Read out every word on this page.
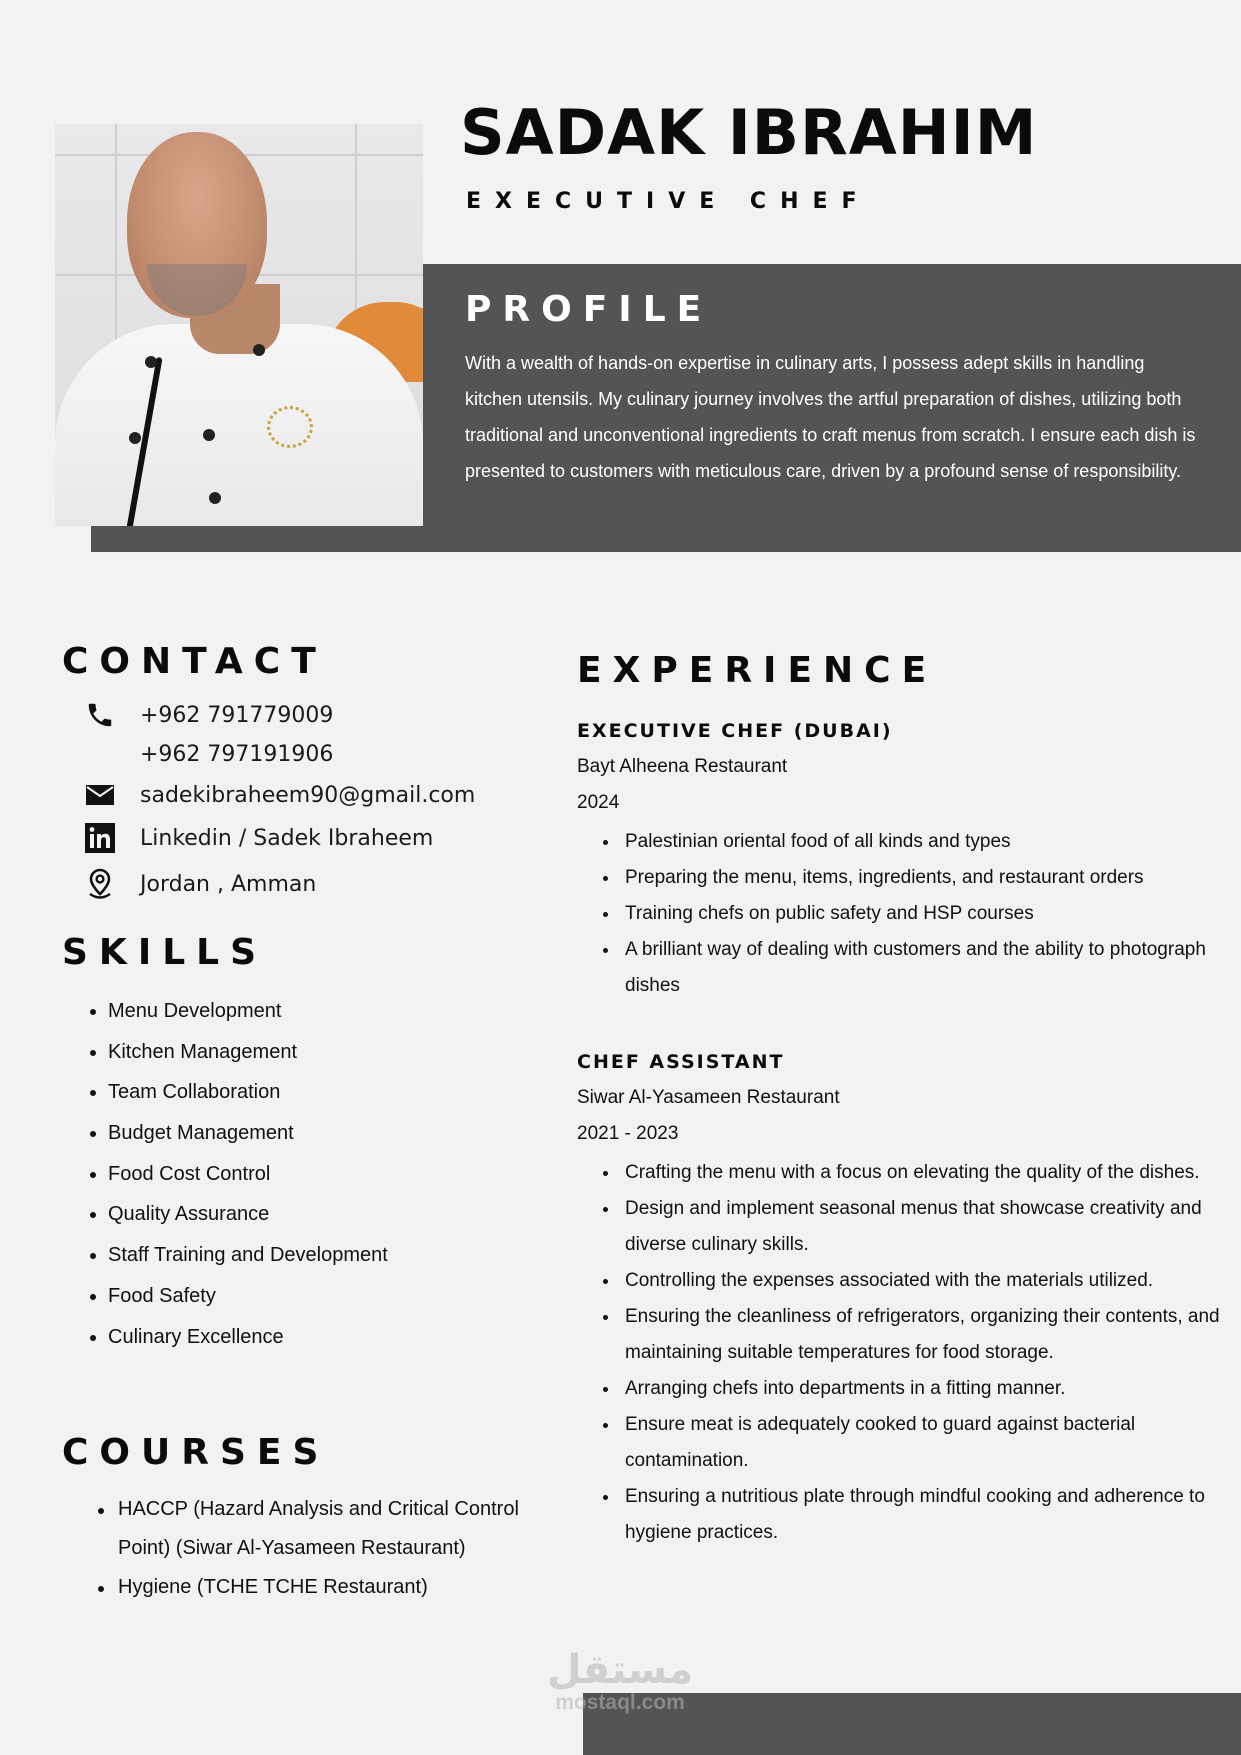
SADAK IBRAHIM
EXECUTIVE CHEF
PROFILE
With a wealth of hands-on expertise in culinary arts, I possess adept skills in handling kitchen utensils. My culinary journey involves the artful preparation of dishes, utilizing both traditional and unconventional ingredients to craft menus from scratch. I ensure each dish is presented to customers with meticulous care, driven by a profound sense of responsibility.
CONTACT
+962 791779009
+962 797191906
sadekibraheem90@gmail.com
Linkedin / Sadek Ibraheem
Jordan , Amman
SKILLS
Menu Development
Kitchen Management
Team Collaboration
Budget Management
Food Cost Control
Quality Assurance
Staff Training and Development
Food Safety
Culinary Excellence
COURSES
HACCP (Hazard Analysis and Critical Control Point) (Siwar Al-Yasameen Restaurant)
Hygiene (TCHE TCHE Restaurant)
EXPERIENCE
EXECUTIVE CHEF (DUBAI)
Bayt Alheena Restaurant
2024
Palestinian oriental food of all kinds and types
Preparing the menu, items, ingredients, and restaurant orders
Training chefs on public safety and HSP courses
A brilliant way of dealing with customers and the ability to photograph dishes
CHEF ASSISTANT
Siwar Al-Yasameen Restaurant
2021 - 2023
Crafting the menu with a focus on elevating the quality of the dishes.
Design and implement seasonal menus that showcase creativity and diverse culinary skills.
Controlling the expenses associated with the materials utilized.
Ensuring the cleanliness of refrigerators, organizing their contents, and maintaining suitable temperatures for food storage.
Arranging chefs into departments in a fitting manner.
Ensure meat is adequately cooked to guard against bacterial contamination.
Ensuring a nutritious plate through mindful cooking and adherence to hygiene practices.
مستقل
mostaql.com
